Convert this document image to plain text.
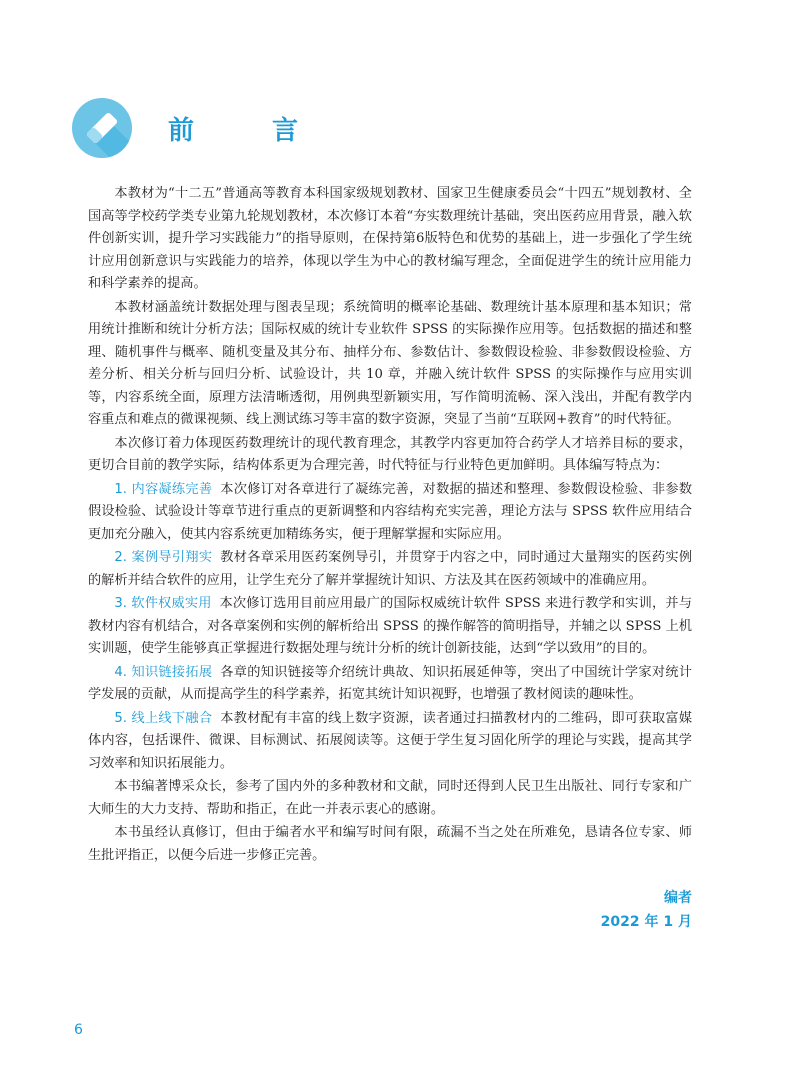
前　言

本教材为“十二五”普通高等教育本科国家级规划教材、国家卫生健康委员会“十四五”规划教材、全国高等学校药学类专业第九轮规划教材，本次修订本着“夯实数理统计基础，突出医药应用背景，融入软件创新实训，提升学习实践能力”的指导原则，在保持第6版特色和优势的基础上，进一步强化了学生统计应用创新意识与实践能力的培养，体现以学生为中心的教材编写理念，全面促进学生的统计应用能力和科学素养的提高。

本教材涵盖统计数据处理与图表呈现；系统简明的概率论基础、数理统计基本原理和基本知识；常用统计推断和统计分析方法；国际权威的统计专业软件 SPSS 的实际操作应用等。包括数据的描述和整理、随机事件与概率、随机变量及其分布、抽样分布、参数估计、参数假设检验、非参数假设检验、方差分析、相关分析与回归分析、试验设计，共 10 章，并融入统计软件 SPSS 的实际操作与应用实训等，内容系统全面，原理方法清晰透彻，用例典型新颖实用，写作简明流畅、深入浅出，并配有教学内容重点和难点的微课视频、线上测试练习等丰富的数字资源，突显了当前“互联网+教育”的时代特征。

本次修订着力体现医药数理统计的现代教育理念，其教学内容更加符合药学人才培养目标的要求，更切合目前的教学实际，结构体系更为合理完善，时代特征与行业特色更加鲜明。具体编写特点为：

1. 内容凝练完善 本次修订对各章进行了凝练完善，对数据的描述和整理、参数假设检验、非参数假设检验、试验设计等章节进行重点的更新调整和内容结构充实完善，理论方法与 SPSS 软件应用结合更加充分融入，使其内容系统更加精练务实，便于理解掌握和实际应用。

2. 案例导引翔实 教材各章采用医药案例导引，并贯穿于内容之中，同时通过大量翔实的医药实例的解析并结合软件的应用，让学生充分了解并掌握统计知识、方法及其在医药领域中的准确应用。

3. 软件权威实用 本次修订选用目前应用最广的国际权威统计软件 SPSS 来进行教学和实训，并与教材内容有机结合，对各章案例和实例的解析给出 SPSS 的操作解答的简明指导，并辅之以 SPSS 上机实训题，使学生能够真正掌握进行数据处理与统计分析的统计创新技能，达到“学以致用”的目的。

4. 知识链接拓展 各章的知识链接等介绍统计典故、知识拓展延伸等，突出了中国统计学家对统计学发展的贡献，从而提高学生的科学素养，拓宽其统计知识视野，也增强了教材阅读的趣味性。

5. 线上线下融合 本教材配有丰富的线上数字资源，读者通过扫描教材内的二维码，即可获取富媒体内容，包括课件、微课、目标测试、拓展阅读等。这便于学生复习固化所学的理论与实践，提高其学习效率和知识拓展能力。

本书编著博采众长，参考了国内外的多种教材和文献，同时还得到人民卫生出版社、同行专家和广大师生的大力支持、帮助和指正，在此一并表示衷心的感谢。

本书虽经认真修订，但由于编者水平和编写时间有限，疏漏不当之处在所难免，恳请各位专家、师生批评指正，以便今后进一步修正完善。

编者
2022 年 1 月
6
